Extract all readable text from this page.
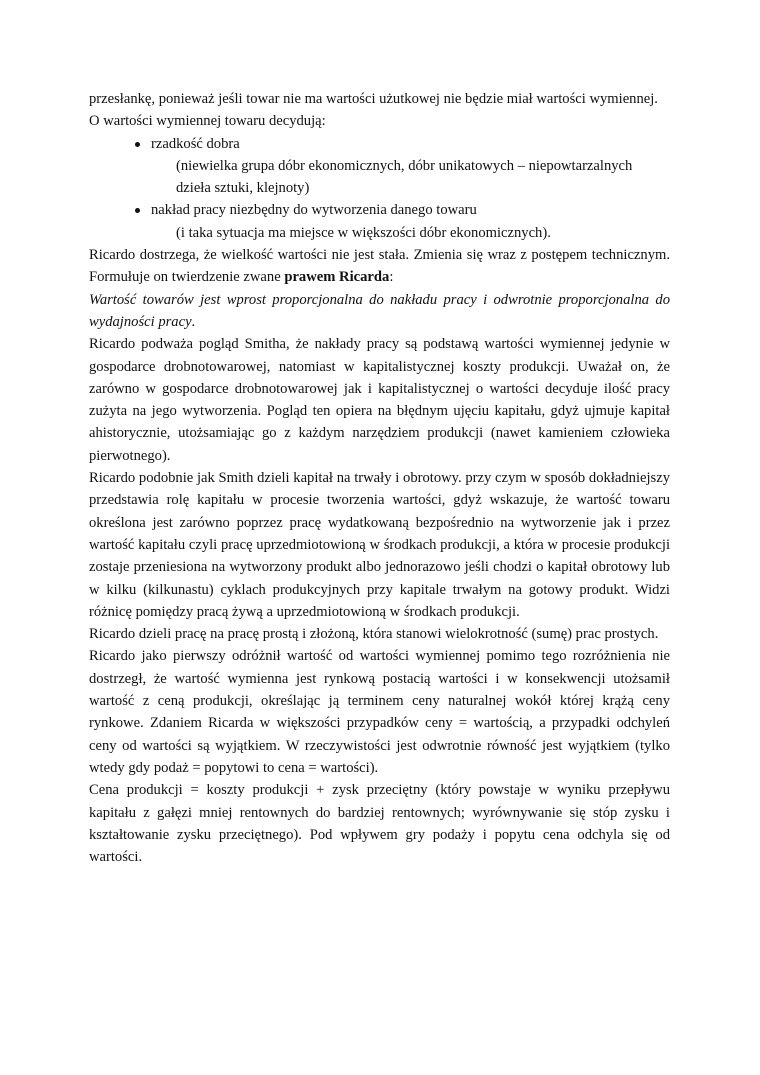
przesłankę, ponieważ jeśli towar nie ma wartości użutkowej nie będzie miał wartości wymiennej.

O wartości wymiennej towaru decydują:

rzadkość dobra

(niewielka grupa dóbr ekonomicznych, dóbr unikatowych – niepowtarzalnych dzieła sztuki, klejnoty)

nakład pracy niezbędny do wytworzenia danego towaru

(i taka sytuacja ma miejsce w większości dóbr ekonomicznych).

Ricardo dostrzega, że wielkość wartości nie jest stała. Zmienia się wraz z postępem technicznym. Formułuje on twierdzenie zwane prawem Ricarda:

Wartość towarów jest wprost proporcjonalna do nakładu pracy i odwrotnie proporcjonalna do wydajności pracy.

Ricardo podważa pogląd Smitha, że nakłady pracy są podstawą wartości wymiennej jedynie w gospodarce drobnotowarowej, natomiast w kapitalistycznej koszty produkcji. Uważał on, że zarówno w gospodarce drobnotowarowej jak i kapitalistycznej o wartości decyduje ilość pracy zużyta na jego wytworzenia. Pogląd ten opiera na błędnym ujęciu kapitału, gdyż ujmuje kapitał ahistorycznie, utożsamiając go z każdym narzędziem produkcji (nawet kamieniem człowieka pierwotnego).

Ricardo podobnie jak Smith dzieli kapitał na trwały i obrotowy. przy czym w sposób dokładniejszy przedstawia rolę kapitału w procesie tworzenia wartości, gdyż wskazuje, że wartość towaru określona jest zarówno poprzez pracę wydatkowaną bezpośrednio na wytworzenie jak i przez wartość kapitału czyli pracę uprzedmiotowioną w środkach produkcji, a która w procesie produkcji zostaje przeniesiona na wytworzony produkt albo jednorazowo jeśli chodzi o kapitał obrotowy lub w kilku (kilkunastu) cyklach produkcyjnych przy kapitale trwałym na gotowy produkt. Widzi różnicę pomiędzy pracą żywą a uprzedmiotowioną w środkach produkcji.

Ricardo dzieli pracę na pracę prostą i złożoną, która stanowi wielokrotność (sumę) prac prostych.

Ricardo jako pierwszy odróżnił wartość od wartości wymiennej pomimo tego rozróżnienia nie dostrzegł, że wartość wymienna jest rynkową postacią wartości i w konsekwencji utożsamił wartość z ceną produkcji, określając ją terminem ceny naturalnej wokół której krążą ceny rynkowe. Zdaniem Ricarda w większości przypadków ceny = wartością, a przypadki odchyleń ceny od wartości są wyjątkiem. W rzeczywistości jest odwrotnie równość jest wyjątkiem (tylko wtedy gdy podaż = popytowi to cena = wartości).

Cena produkcji = koszty produkcji + zysk przeciętny (który powstaje w wyniku przepływu kapitału z gałęzi mniej rentownych do bardziej rentownych; wyrównywanie się stóp zysku i kształtowanie zysku przeciętnego). Pod wpływem gry podaży i popytu cena odchyla się od wartości.
